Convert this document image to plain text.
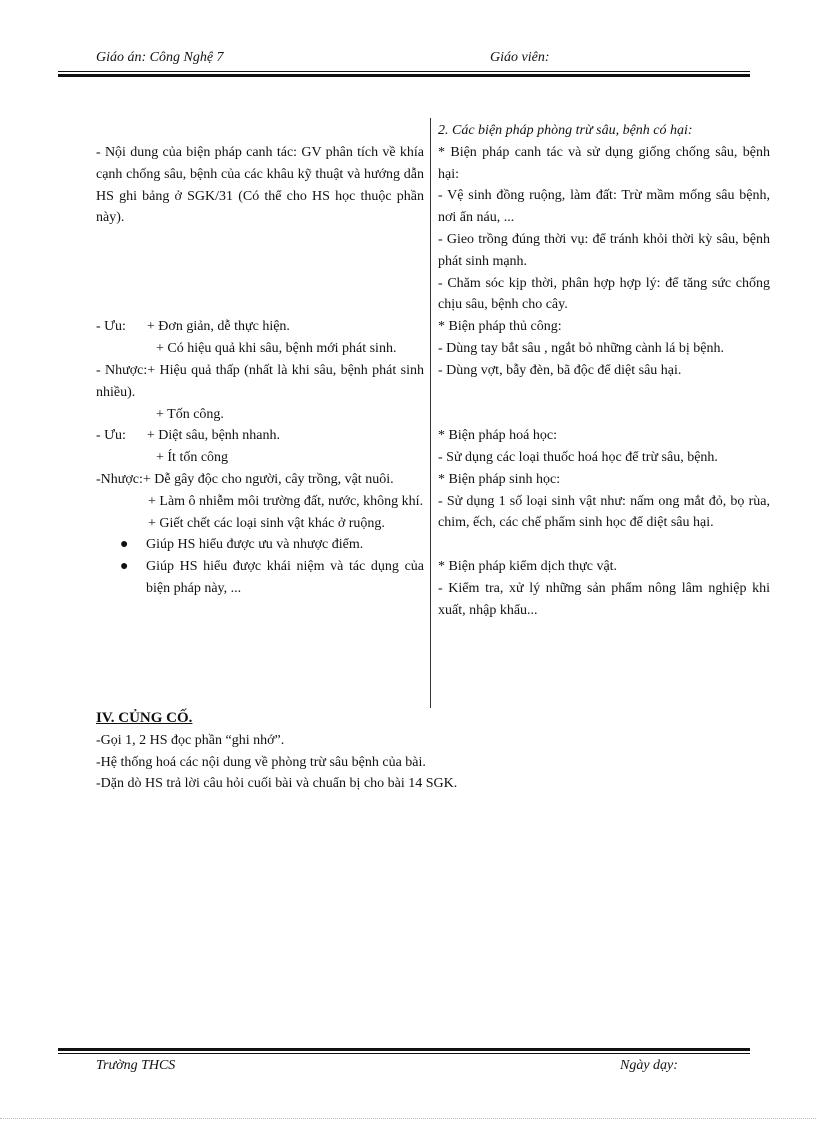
Giáo án: Công Nghệ 7	Giáo viên:

- Nội dung của biện pháp canh tác: GV phân tích về khía cạnh chống sâu, bệnh của các khâu kỹ thuật và hướng dẫn HS ghi bảng ở SGK/31 (Có thể cho HS học thuộc phần này).

- Ưu:      + Đơn giản, dễ thực hiện.

+ Có hiệu quả khi sâu, bệnh mới phát sinh.

- Nhược:+ Hiệu quả thấp (nhất là khi sâu, bệnh phát sinh nhiều).

+ Tốn công.

- Ưu:      + Diệt sâu, bệnh nhanh.

+ Ít tốn công

-Nhược:+ Dễ gây độc cho người, cây trồng, vật nuôi.

+ Làm ô nhiễm môi trường đất, nước, không khí.

+ Giết chết các loại sinh vật khác ở ruộng.

● Giúp HS hiểu được ưu và nhược điểm.

● Giúp HS hiểu được khái niệm và tác dụng của biện pháp này, ...

2. Các biện pháp phòng trừ sâu, bệnh có hại:

* Biện pháp canh tác và sử dụng giống chống sâu, bệnh hại:

- Vệ sinh đồng ruộng, làm đất: Trừ mầm mống sâu bệnh, nơi ẩn náu, ...

- Gieo trồng đúng thời vụ: để tránh khỏi thời kỳ sâu, bệnh phát sinh mạnh.

- Chăm sóc kịp thời, phân hợp hợp lý: để tăng sức chống chịu sâu, bệnh cho cây.

* Biện pháp thủ công:

- Dùng tay bắt sâu , ngắt bỏ những cành lá bị bệnh.

- Dùng vợt, bẫy đèn, bã độc để diệt sâu hại.

* Biện pháp hoá học:

- Sử dụng các loại thuốc hoá học để trừ sâu, bệnh.

* Biện pháp sinh học:

- Sử dụng 1 số loại sinh vật như: nấm ong mắt đỏ, bọ rùa, chim, ếch, các chế phẩm sinh học để diệt sâu hại.

* Biện pháp kiểm dịch thực vật.

- Kiểm tra, xử lý những sản phẩm nông lâm nghiệp khi xuất, nhập khẩu...

IV. CỦNG CỐ.
-Gọi 1, 2 HS đọc phần “ghi nhớ”.
-Hệ thống hoá các nội dung về phòng trừ sâu bệnh của bài.
-Dặn dò HS trả lời câu hỏi cuối bài và chuẩn bị cho bài 14 SGK.
Trường THCS	Ngày dạy:
